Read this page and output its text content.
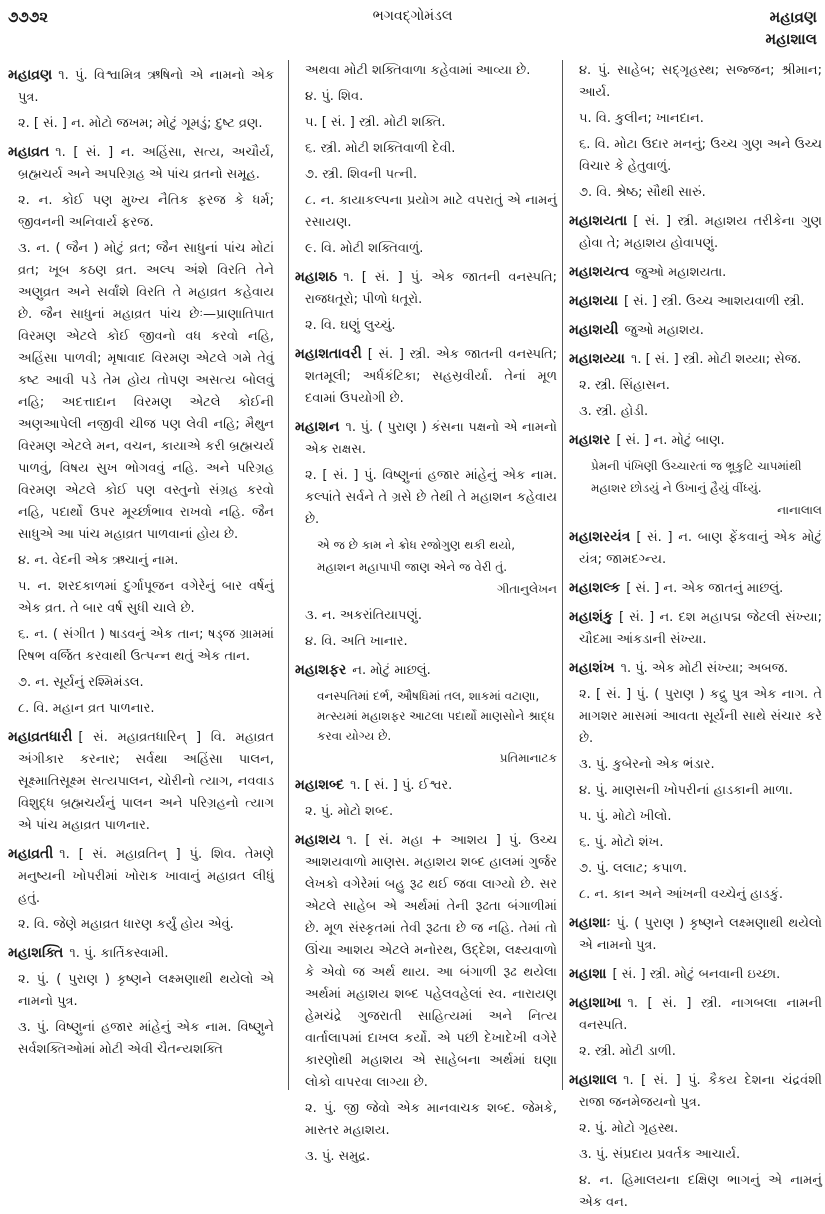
૭૭૭૨	ભગવદ્‌ગોમંડલ	મહાવ્રણ
મહાશાલ
મહાવ્રણ ૧. પું. વિશ્વામિત્ર ઋષિનો એ નામનો એક પુત્ર.
૨. [ સં. ] ન. મોટો જખમ; મોટું ગૂમડું; દુષ્ટ વ્રણ.
મહાવ્રત ૧. [ સં. ] ન. અહિંસા, સત્ય, અચૌર્ય, બ્રહ્મચર્ય અને અપરિગ્રહ એ પાંચ વ્રતનો સમૂહ.
૨. ન. કોઈ પણ મુખ્ય નૈતિક ફરજ કે ધર્મ; જીવનની અનિવાર્ય ફરજ.
૩. ન. ( જૈન ) મોટું વ્રત; જૈન સાધુનાં પાંચ મોટાં વ્રત; ખૂબ કઠણ વ્રત. અલ્પ અંશે વિરતિ તેને અણુવ્રત અને સર્વાંશે વિરતિ તે મહાવ્રત કહેવાય છે. જૈન સાધુનાં મહાવ્રત પાંચ છેઃ—પ્રાણાતિપાત વિરમણ એટલે કોઈ જીવનો વધ કરવો નહિ, અહિંસા પાળવી; મૃષાવાદ વિરમણ એટલે ગમે તેવું કષ્ટ આવી પડે તેમ હોય તોપણ અસત્ય બોલવું નહિ; અદત્તાદાન વિરમણ એટલે કોઈની અણઆપેલી નજીવી ચીજ પણ લેવી નહિ; મૈથુન વિરમણ એટલે મન, વચન, કાયાએ કરી બ્રહ્મચર્ય પાળવું, વિષય સુખ ભોગવવું નહિ. અને પરિગ્રહ વિરમણ એટલે કોઈ પણ વસ્તુનો સંગ્રહ કરવો નહિ, પદાર્થો ઉપર મૂર્ચ્છાભાવ રાખવો નહિ. જૈન સાધુએ આ પાંચ મહાવ્રત પાળવાનાં હોય છે.
૪. ન. વેદની એક ઋચાનું નામ.
૫. ન. શરદકાળમાં દુર્ગાપૂજન વગેરેનું બાર વર્ષનું એક વ્રત. તે બાર વર્ષ સુધી ચાલે છે.
૬. ન. ( સંગીત ) ષાડવનું એક તાન; ષડ્જ ગ્રામમાં રિષભ વર્જિત કરવાથી ઉત્પન્ન થતું એક તાન.
૭. ન. સૂર્યનું રશ્મિમંડલ.
૮. વિ. મહાન વ્રત પાળનાર.
મહાવ્રતધારી [ સં. મહાવ્રતધારિન્ ] વિ. મહાવ્રત અંગીકાર કરનાર; સર્વથા અહિંસા પાલન, સૂક્ષ્માતિસૂક્ષ્મ સત્યપાલન, ચોરીનો ત્યાગ, નવવાડ વિશુદ્ધ બ્રહ્મચર્યનું પાલન અને પરિગ્રહનો ત્યાગ એ પાંચ મહાવ્રત પાળનાર.
મહાવ્રતી ૧. [ સં. મહાવ્રતિન્ ] પું. શિવ. તેમણે મનુષ્યની ખોપરીમાં ખોરાક ખાવાનું મહાવ્રત લીધું હતું.
૨. વિ. જેણે મહાવ્રત ધારણ કર્યું હોય એવું.
મહાશક્તિ ૧. પું. કાર્તિકસ્વામી.
૨. પું. ( પુરાણ ) કૃષ્ણને લક્ષ્મણાથી થયેલો એ નામનો પુત્ર.
૩. પું. વિષ્ણુનાં હજાર માંહેનું એક નામ. વિષ્ણુને સર્વશક્તિઓમાં મોટી એવી ચૈતન્યશક્તિ
અથવા મોટી શક્તિવાળા કહેવામાં આવ્યા છે.
૪. પું. શિવ.
૫. [ સં. ] સ્ત્રી. મોટી શક્તિ.
૬. સ્ત્રી. મોટી શક્તિવાળી દેવી.
૭. સ્ત્રી. શિવની પત્ની.
૮. ન. કાયાકલ્પના પ્રયોગ માટે વપરાતું એ નામનું રસાયણ.
૯. વિ. મોટી શક્તિવાળું.
મહાશઠ ૧. [ સં. ] પું. એક જાતની વનસ્પતિ; રાજધતૂરો; પીળો ધતૂરો.
૨. વિ. ઘણું લુચ્ચું.
મહાશતાવરી [ સં. ] સ્ત્રી. એક જાતની વનસ્પતિ; શતમૂલી; અર્ધકંટિકા; સહસ્રવીર્યા. તેનાં મૂળ દવામાં ઉપયોગી છે.
મહાશન ૧. પું. ( પુરાણ ) કંસના પક્ષનો એ નામનો એક રાક્ષસ.
૨. [ સં. ] પું. વિષ્ણુનાં હજાર માંહેનું એક નામ. કલ્પાંતે સર્વને તે ગ્રસે છે તેથી તે મહાશન કહેવાય છે.
એ જ છે કામ ને ક્રોધ રજોગુણ થકી થયો,
મહાશન મહાપાપી જાણ એને જ વેરી તું.
ગીતાનુલેખન
૩. ન. અકરાંતિયાપણું.
૪. વિ. અતિ ખાનાર.
મહાશફર ન. મોટું માછલું.
વનસ્પતિમાં દર્ભ, ઔષધિમાં તલ, શાકમાં વટાણા, મત્સ્યમાં મહાશફર આટલા પદાર્થો માણસોને શ્રાદ્ધ કરવા યોગ્ય છે.
પ્રતિમાનાટક
મહાશબ્દ ૧. [ સં. ] પું. ઈશ્વર.
૨. પું. મોટો શબ્દ.
મહાશય ૧. [ સં. મહા + આશય ] પું. ઉચ્ચ આશયવાળો માણસ. મહાશય શબ્દ હાલમાં ગુર્જર લેખકો વગેરેમાં બહુ રૂઢ થઈ જવા લાગ્યો છે. સર એટલે સાહેબ એ અર્થમાં તેની રૂઢતા બંગાળીમાં છે. મૂળ સંસ્કૃતમાં તેવી રૂઢતા છે જ નહિ. તેમાં તો ઊંચા આશય એટલે મનોરથ, ઉદ્દેશ, લક્ષ્યવાળો કે એવો જ અર્થ થાય. આ બંગાળી રૂઢ થયેલા અર્થમાં મહાશય શબ્દ પહેલવહેલાં સ્વ. નારાયણ હેમચંદ્રે ગુજરાતી સાહિત્યમાં અને નિત્ય વાર્તાલાપમાં દાખલ કર્યો. એ પછી દેખાદેખી વગેરે કારણોથી મહાશય એ સાહેબના અર્થમાં ઘણા લોકો વાપરવા લાગ્યા છે.
૨. પું. જી જેવો એક માનવાચક શબ્દ. જેમકે, માસ્તર મહાશય.
૩. પું. સમુદ્ર.
૪. પું. સાહેબ; સદ્‌ગૃહસ્થ; સજ્જન; શ્રીમાન; આર્ય.
૫. વિ. કુલીન; ખાનદાન.
૬. વિ. મોટા ઉદાર મનનું; ઉચ્ચ ગુણ અને ઉચ્ચ વિચાર કે હેતુવાળું.
૭. વિ. શ્રેષ્ઠ; સૌથી સારું.
મહાશયતા [ સં. ] સ્ત્રી. મહાશય તરીકેના ગુણ હોવા તે; મહાશય હોવાપણું.
મહાશયત્વ જુઓ મહાશયતા.
મહાશયા [ સં. ] સ્ત્રી. ઉચ્ચ આશયવાળી સ્ત્રી.
મહાશયી જુઓ મહાશય.
મહાશય્યા ૧. [ સં. ] સ્ત્રી. મોટી શય્યા; સેજ.
૨. સ્ત્રી. સિંહાસન.
૩. સ્ત્રી. હોડી.
મહાશર [ સં. ] ન. મોટું બાણ.
પ્રેમની પંખિણી ઉચ્ચારતાં જ ભ્રૂકુટિ ચાપમાંથી
મહાશર છોડયું ને ઉખાનું હૈયું વીંધ્યું.
નાનાલાલ
મહાશરયંત્ર [ સં. ] ન. બાણ ફેંકવાનું એક મોટું યંત્ર; જામદગ્ન્ય.
મહાશલ્ક [ સં. ] ન. એક જાતનું માછલું.
મહાશંકુ [ સં. ] ન. દશ મહાપદ્મ જેટલી સંખ્યા; ચૌદમા આંકડાની સંખ્યા.
મહાશંખ ૧. પું. એક મોટી સંખ્યા; અબજ.
૨. [ સં. ] પું. ( પુરાણ ) કદ્રુ પુત્ર એક નાગ. તે માગશર માસમાં આવતા સૂર્યની સાથે સંચાર કરે છે.
૩. પું. કુબેરનો એક ભંડાર.
૪. પું. માણસની ખોપરીનાં હાડકાની માળા.
૫. પું. મોટો ખીલો.
૬. પું. મોટો શંખ.
૭. પું. લલાટ; કપાળ.
૮. ન. કાન અને આંખની વચ્ચેનું હાડકું.
મહાશાઃ પું. ( પુરાણ ) કૃષ્ણને લક્ષ્મણાથી થયેલો એ નામનો પુત્ર.
મહાશા [ સં. ] સ્ત્રી. મોટું બનવાની ઇચ્છા.
મહાશાખા ૧. [ સં. ] સ્ત્રી. નાગબલા નામની વનસ્પતિ.
૨. સ્ત્રી. મોટી ડાળી.
મહાશાલ ૧. [ સં. ] પું. કૈકય દેશના ચંદ્રવંશી રાજા જનમેજયનો પુત્ર.
૨. પું. મોટો ગૃહસ્થ.
૩. પું. સંપ્રદાય પ્રવર્તક આચાર્ય.
૪. ન. હિમાલયના દક્ષિણ ભાગનું એ નામનું એક વન.
